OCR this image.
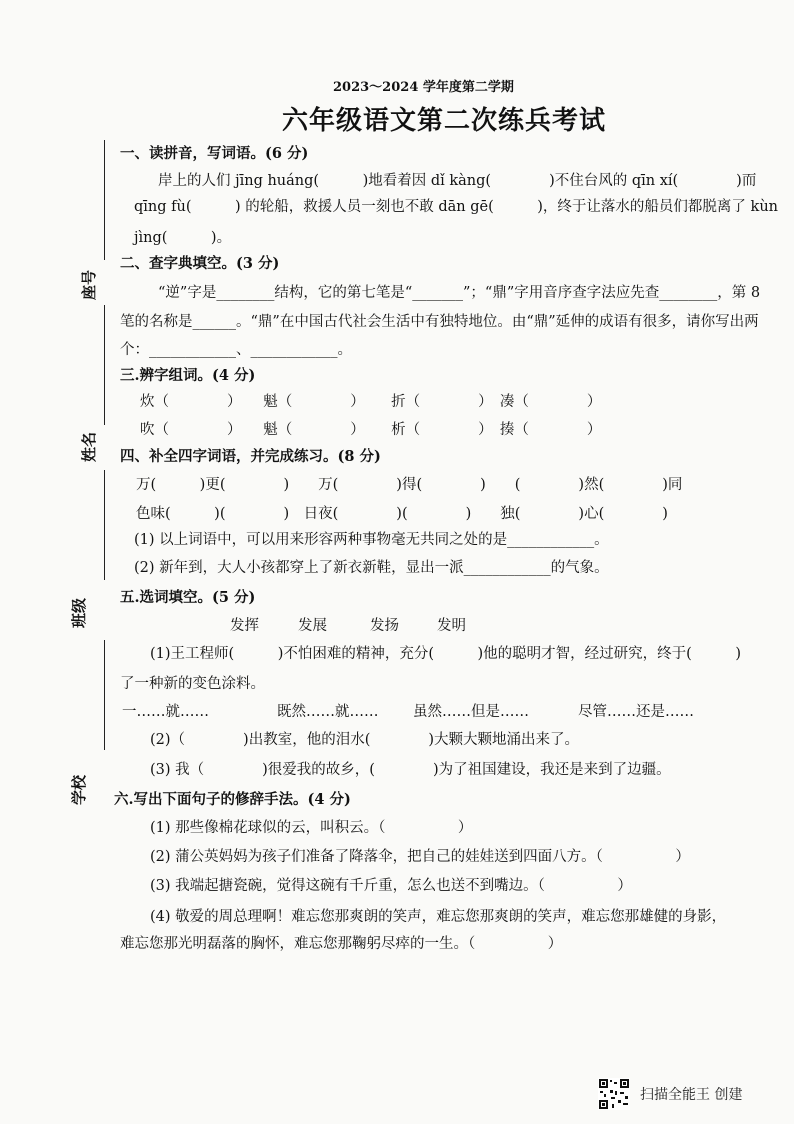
座号
姓名
班级
学校
2023～2024 学年度第二学期
六年级语文第二次练兵考试
一、读拼音，写词语。(6 分)
岸上的人们 jīng huáng(　　　)地看着因 dǐ kàng(　　　　)不住台风的 qīn xí(　　　　)而
qīng fù(　　　) 的轮船，救援人员一刻也不敢 dān gē(　　　)，终于让落水的船员们都脱离了 kùn
jìng(　　　)。
二、查字典填空。(3 分)
“逆”字是________结构，它的第七笔是“_______”；“鼎”字用音序查字法应先查________，第 8
笔的名称是______。“鼎”在中国古代社会生活中有独特地位。由“鼎”延伸的成语有很多，请你写出两
个：____________、____________。
三.辨字组词。(4 分)
炊（　　　　）　　魁（　　　　）　　 折（　　　　）　凑（　　　　）
吹（　　　　）　　魁（　　　　）　　 析（　　　　）　揍（　　　　）
四、补全四字词语，并完成练习。(8 分)
万(　　　)更(　　　　)　　万(　　　　)得(　　　　)　　(　　　　)然(　　　　)同
色味(　　　)(　　　　)　日夜(　　　　)(　　　　)　　独(　　　　)心(　　　　)
(1) 以上词语中，可以用来形容两种事物毫无共同之处的是____________。
(2) 新年到，大人小孩都穿上了新衣新鞋，显出一派____________的气象。
五.选词填空。(5 分)
发挥	发展	发扬	发明
(1)王工程师(　　　)不怕困难的精神，充分(　　　)他的聪明才智，经过研究，终于(　　　)
了一种新的变色涂料。
一……就……	既然……就…… 虽然……但是……	尽管……还是……
(2)（　　　　)出教室，他的泪水(　　　　)大颗大颗地涌出来了。
(3) 我（　　　　)很爱我的故乡，(　　　　)为了祖国建设，我还是来到了边疆。
六.写出下面句子的修辞手法。(4 分)
(1) 那些像棉花球似的云，叫积云。（　　　　　）
(2) 蒲公英妈妈为孩子们准备了降落伞，把自己的娃娃送到四面八方。（　　　　　）
(3) 我端起搪瓷碗，觉得这碗有千斤重，怎么也送不到嘴边。（　　　　　）
(4) 敬爱的周总理啊！难忘您那爽朗的笑声，难忘您那爽朗的笑声，难忘您那雄健的身影，
难忘您那光明磊落的胸怀，难忘您那鞠躬尽瘁的一生。（　　　　　）
扫描全能王 创建
